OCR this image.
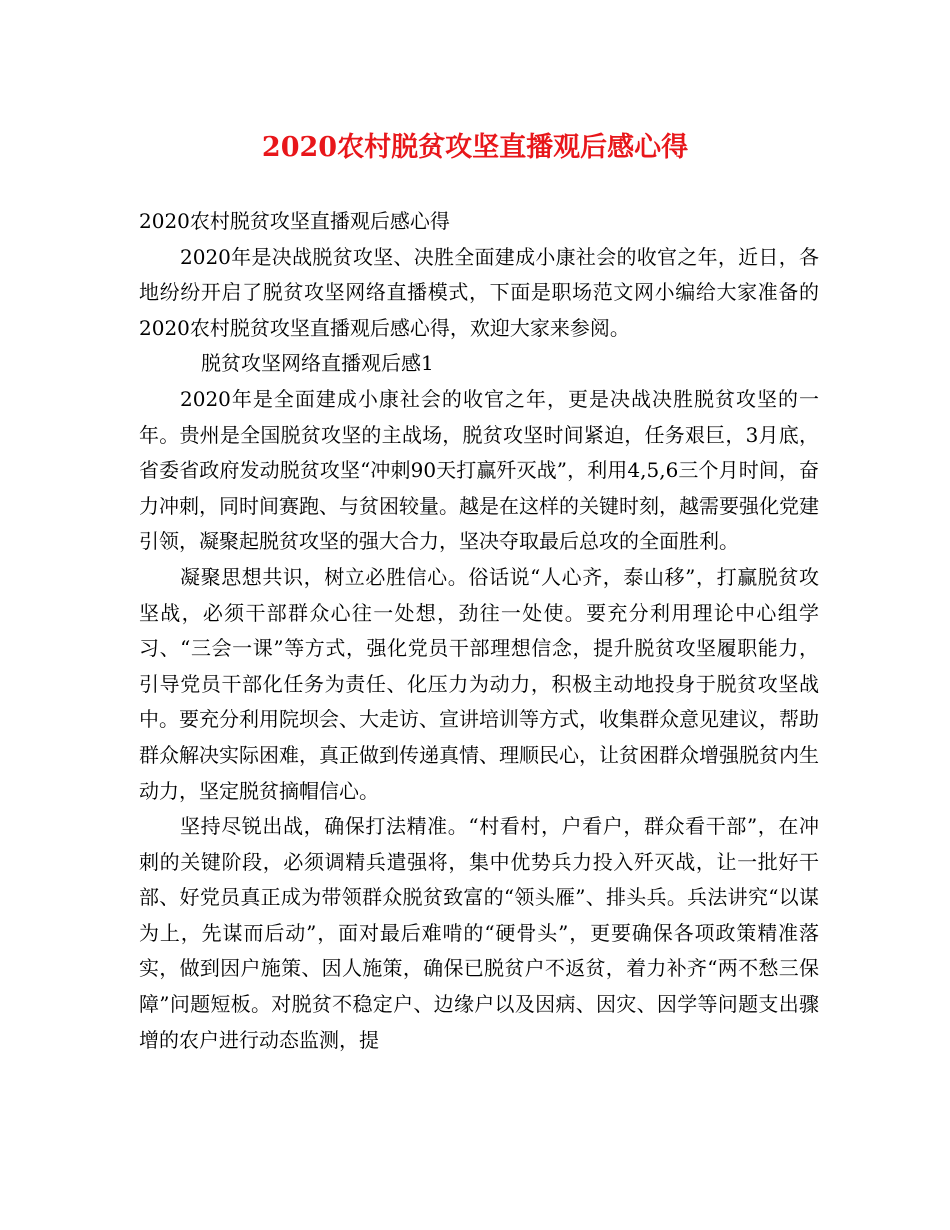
2020农村脱贫攻坚直播观后感心得

2020农村脱贫攻坚直播观后感心得

2020年是决战脱贫攻坚、决胜全面建成小康社会的收官之年，近日，各地纷纷开启了脱贫攻坚网络直播模式，下面是职场范文网小编给大家准备的2020农村脱贫攻坚直播观后感心得，欢迎大家来参阅。

脱贫攻坚网络直播观后感1

2020年是全面建成小康社会的收官之年，更是决战决胜脱贫攻坚的一年。贵州是全国脱贫攻坚的主战场，脱贫攻坚时间紧迫，任务艰巨，3月底，省委省政府发动脱贫攻坚“冲刺90天打赢歼灭战”，利用4,5,6三个月时间，奋力冲刺，同时间赛跑、与贫困较量。越是在这样的关键时刻，越需要强化党建引领，凝聚起脱贫攻坚的强大合力，坚决夺取最后总攻的全面胜利。

凝聚思想共识，树立必胜信心。俗话说“人心齐，泰山移”，打赢脱贫攻坚战，必须干部群众心往一处想，劲往一处使。要充分利用理论中心组学习、“三会一课”等方式，强化党员干部理想信念，提升脱贫攻坚履职能力，引导党员干部化任务为责任、化压力为动力，积极主动地投身于脱贫攻坚战中。要充分利用院坝会、大走访、宣讲培训等方式，收集群众意见建议，帮助群众解决实际困难，真正做到传递真情、理顺民心，让贫困群众增强脱贫内生动力，坚定脱贫摘帽信心。

坚持尽锐出战，确保打法精准。“村看村，户看户，群众看干部”，在冲刺的关键阶段，必须调精兵遣强将，集中优势兵力投入歼灭战，让一批好干部、好党员真正成为带领群众脱贫致富的“领头雁”、排头兵。兵法讲究“以谋为上，先谋而后动”，面对最后难啃的“硬骨头”，更要确保各项政策精准落实，做到因户施策、因人施策，确保已脱贫户不返贫，着力补齐“两不愁三保障”问题短板。对脱贫不稳定户、边缘户以及因病、因灾、因学等问题支出骤增的农户进行动态监测，提
